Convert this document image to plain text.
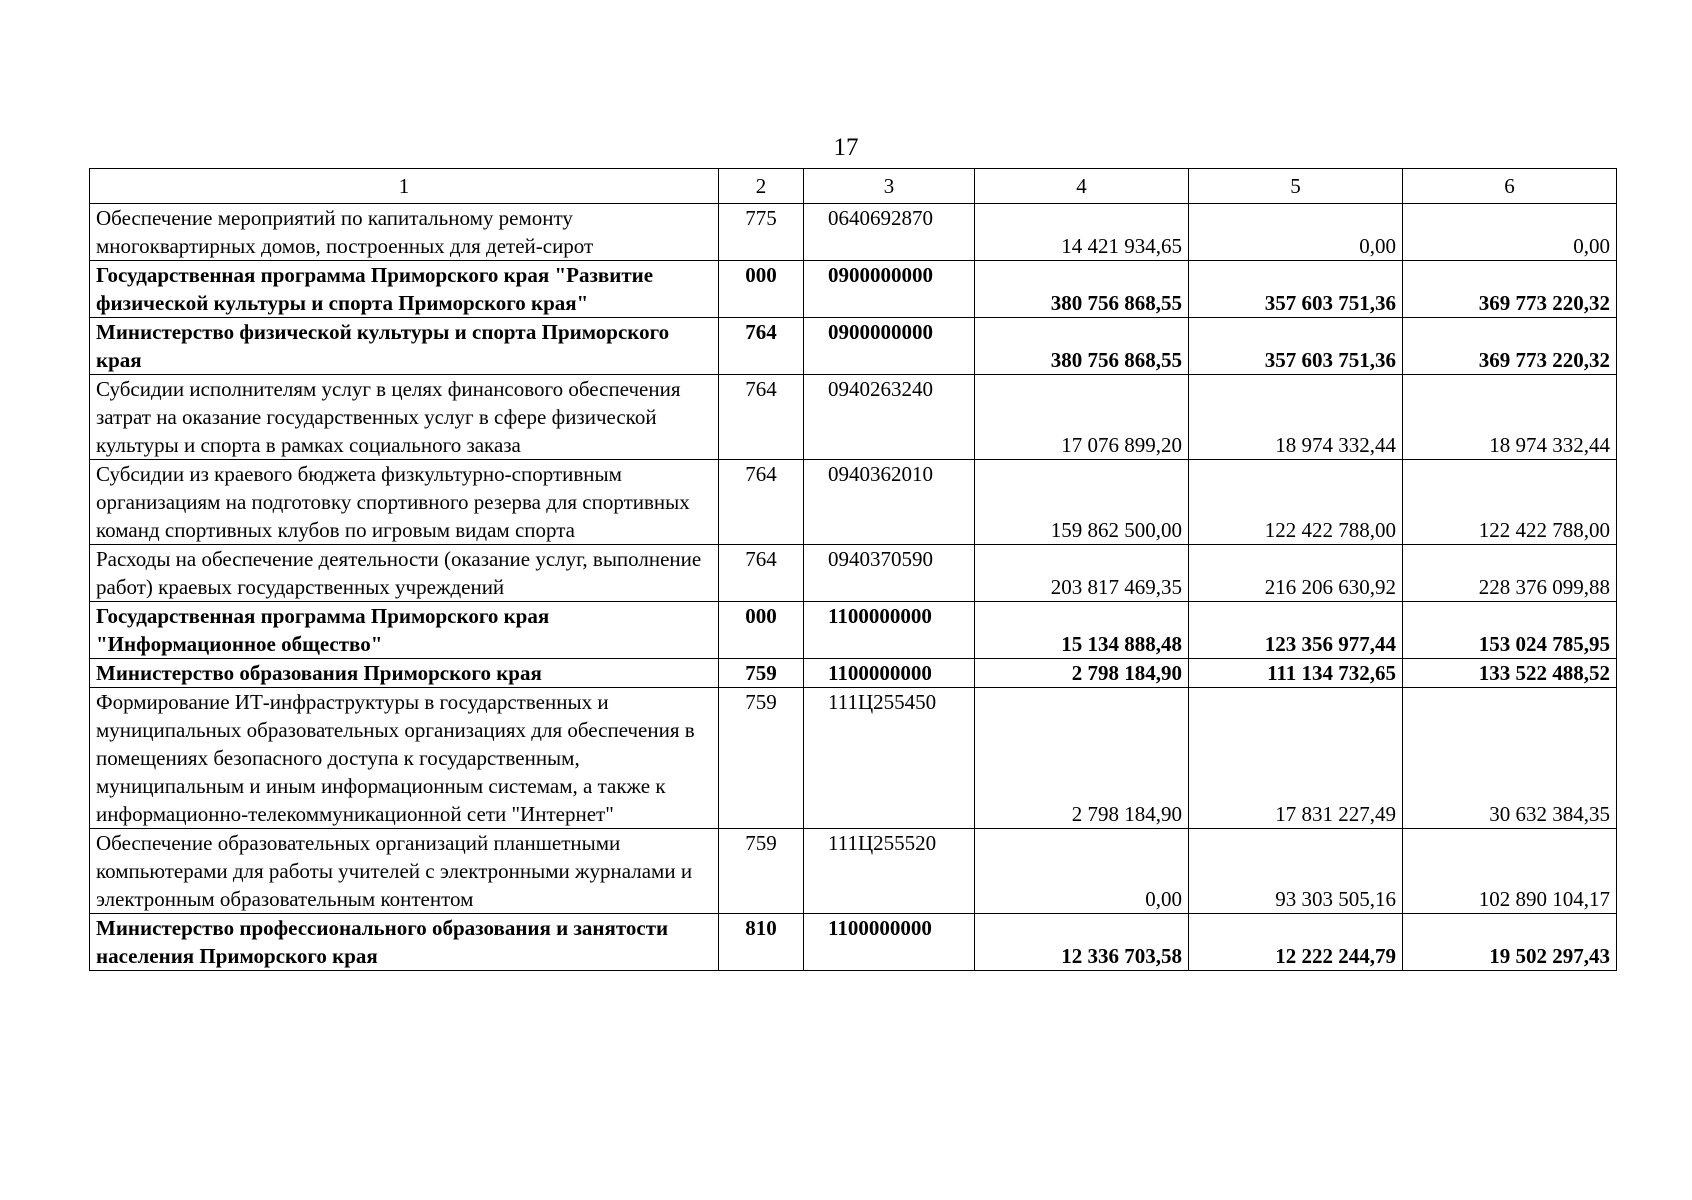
17
1	2	3	4	5	6
Обеспечение мероприятий по капитальному ремонту многоквартирных домов, построенных для детей-сирот	775	0640692870	14 421 934,65	0,00	0,00
Государственная программа Приморского края "Развитие физической культуры и спорта Приморского края"	000	0900000000	380 756 868,55	357 603 751,36	369 773 220,32
Министерство физической культуры и спорта Приморского края	764	0900000000	380 756 868,55	357 603 751,36	369 773 220,32
Субсидии исполнителям услуг в целях финансового обеспечения затрат на оказание государственных услуг в сфере физической культуры и спорта в рамках социального заказа	764	0940263240	17 076 899,20	18 974 332,44	18 974 332,44
Субсидии из краевого бюджета физкультурно-спортивным организациям на подготовку спортивного резерва для спортивных команд спортивных клубов по игровым видам спорта	764	0940362010	159 862 500,00	122 422 788,00	122 422 788,00
Расходы на обеспечение деятельности (оказание услуг, выполнение работ) краевых государственных учреждений	764	0940370590	203 817 469,35	216 206 630,92	228 376 099,88
Государственная программа Приморского края "Информационное общество"	000	1100000000	15 134 888,48	123 356 977,44	153 024 785,95
Министерство образования Приморского края	759	1100000000	2 798 184,90	111 134 732,65	133 522 488,52
Формирование ИТ-инфраструктуры в государственных и муниципальных образовательных организациях для обеспечения в помещениях безопасного доступа к государственным, муниципальным и иным информационным системам, а также к информационно-телекоммуникационной сети "Интернет"	759	111Ц255450	2 798 184,90	17 831 227,49	30 632 384,35
Обеспечение образовательных организаций планшетными компьютерами для работы учителей с электронными журналами и электронным образовательным контентом	759	111Ц255520	0,00	93 303 505,16	102 890 104,17
Министерство профессионального образования и занятости населения Приморского края	810	1100000000	12 336 703,58	12 222 244,79	19 502 297,43
